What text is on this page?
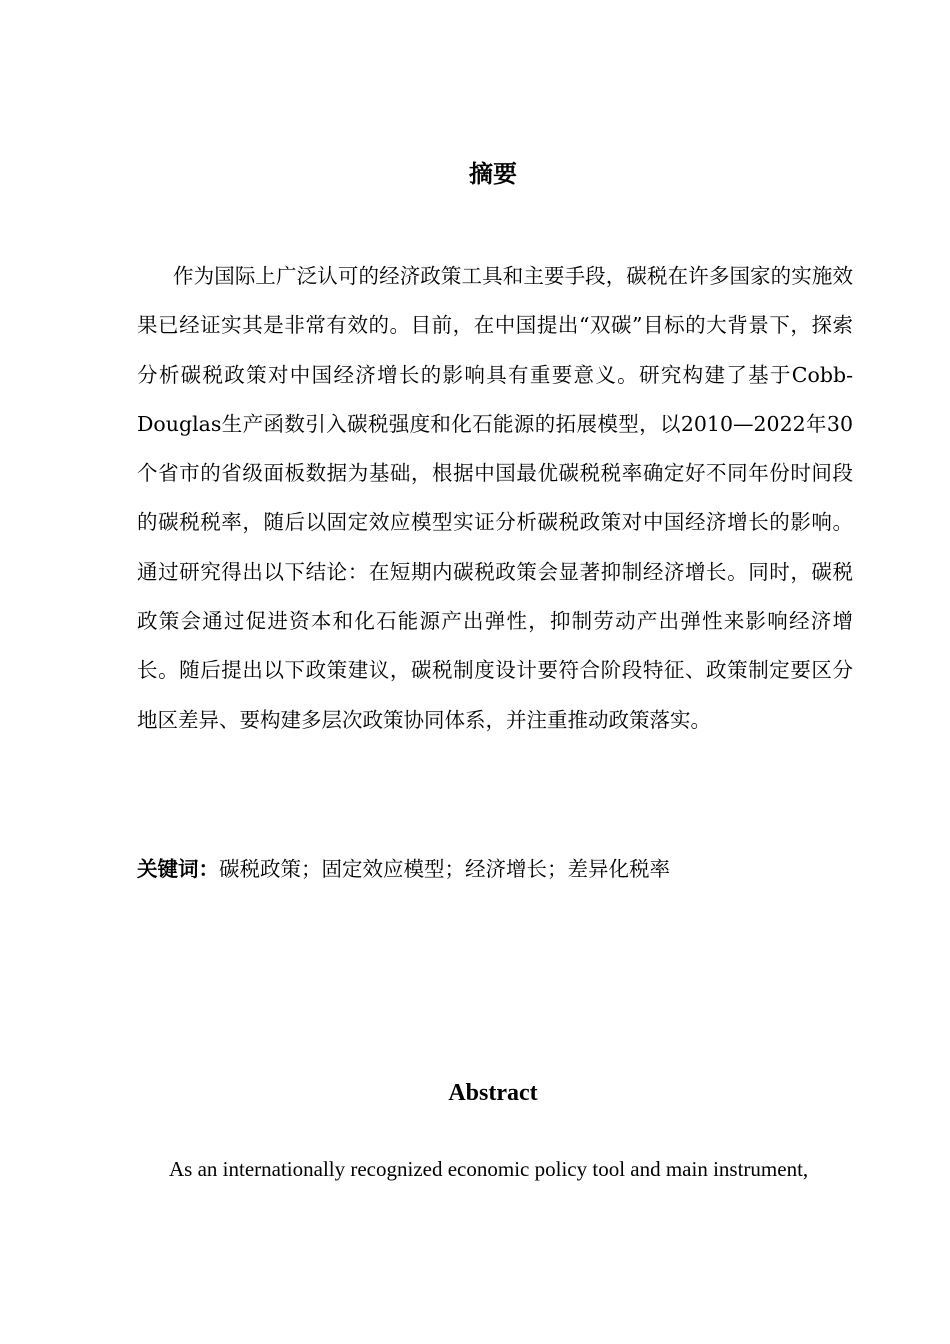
摘要

作为国际上广泛认可的经济政策工具和主要手段，碳税在许多国家的实施效果已经证实其是非常有效的。目前，在中国提出“双碳”目标的大背景下，探索分析碳税政策对中国经济增长的影响具有重要意义。研究构建了基于Cobb-Douglas生产函数引入碳税强度和化石能源的拓展模型，以2010—2022年30个省市的省级面板数据为基础，根据中国最优碳税税率确定好不同年份时间段的碳税税率，随后以固定效应模型实证分析碳税政策对中国经济增长的影响。通过研究得出以下结论：在短期内碳税政策会显著抑制经济增长。同时，碳税政策会通过促进资本和化石能源产出弹性，抑制劳动产出弹性来影响经济增长。随后提出以下政策建议，碳税制度设计要符合阶段特征、政策制定要区分地区差异、要构建多层次政策协同体系，并注重推动政策落实。

关键词：碳税政策；固定效应模型；经济增长；差异化税率

Abstract

As an internationally recognized economic policy tool and main instrument,
